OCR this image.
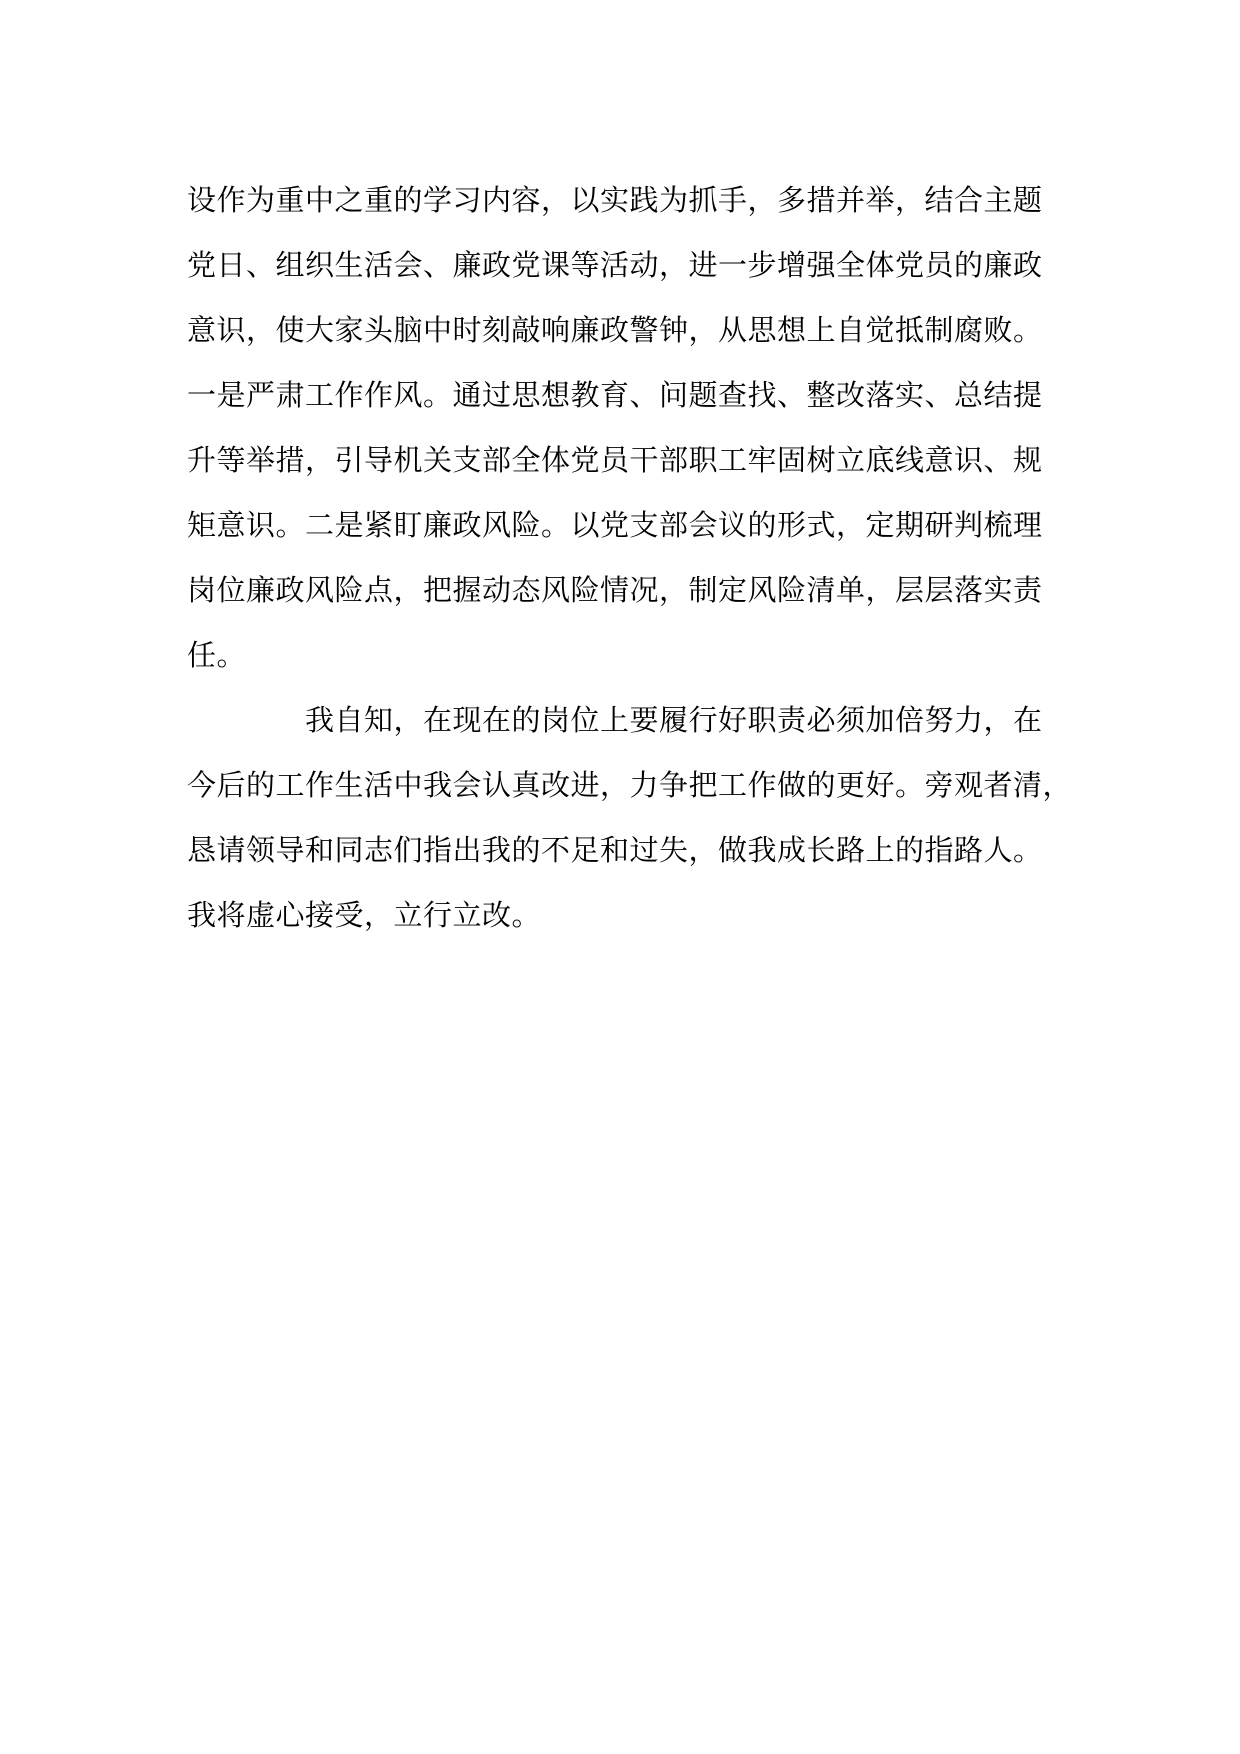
设作为重中之重的学习内容，以实践为抓手，多措并举，结合主题
党日、组织生活会、廉政党课等活动，进一步增强全体党员的廉政
意识，使大家头脑中时刻敲响廉政警钟，从思想上自觉抵制腐败。
一是严肃工作作风。通过思想教育、问题查找、整改落实、总结提
升等举措，引导机关支部全体党员干部职工牢固树立底线意识、规
矩意识。二是紧盯廉政风险。以党支部会议的形式，定期研判梳理
岗位廉政风险点，把握动态风险情况，制定风险清单，层层落实责
任。
我自知，在现在的岗位上要履行好职责必须加倍努力，在
今后的工作生活中我会认真改进，力争把工作做的更好。旁观者清，
恳请领导和同志们指出我的不足和过失，做我成长路上的指路人。
我将虚心接受，立行立改。
